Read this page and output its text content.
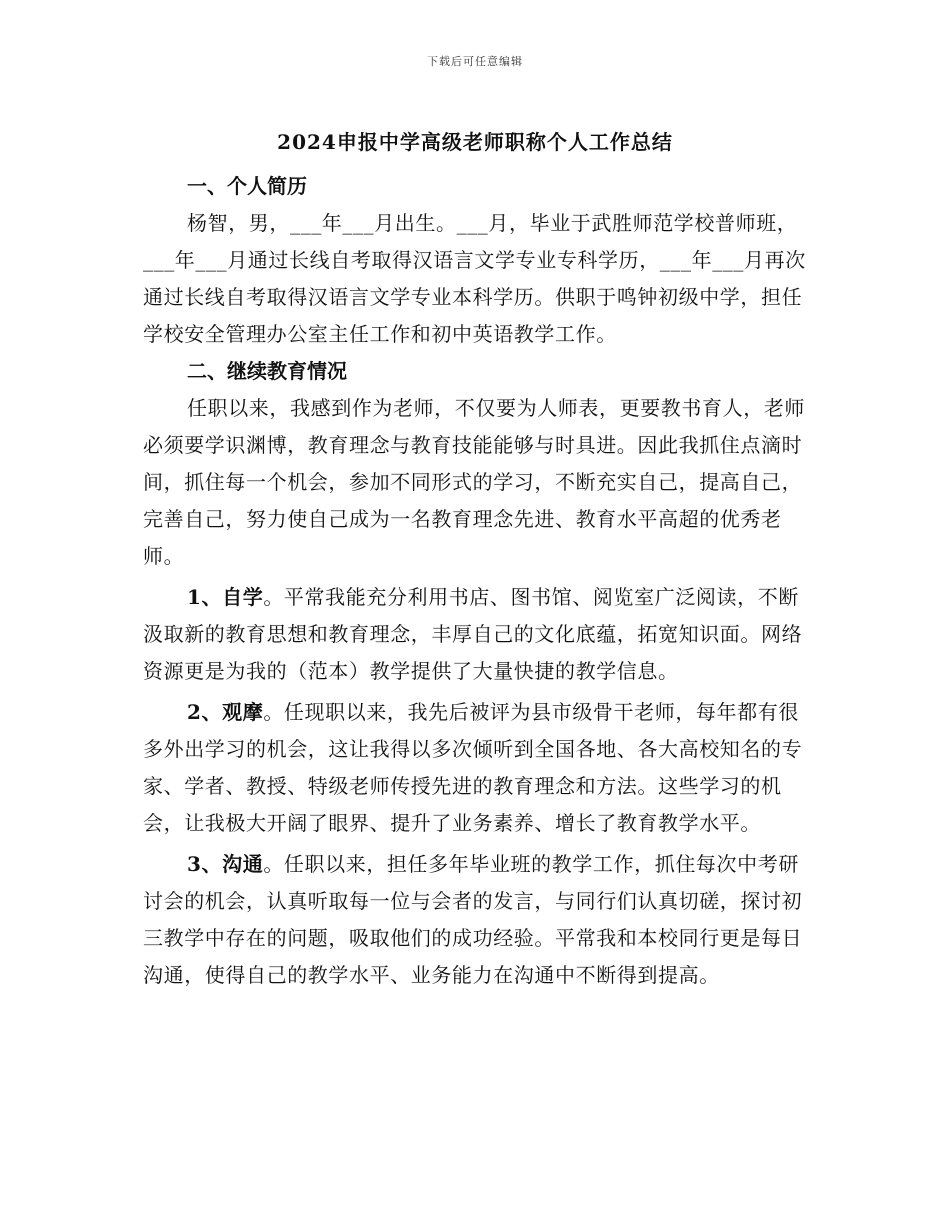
下载后可任意编辑
2024申报中学高级老师职称个人工作总结

一、个人简历

杨智，男，___年___月出生。___月，毕业于武胜师范学校普师班，___年___月通过长线自考取得汉语言文学专业专科学历，___年___月再次通过长线自考取得汉语言文学专业本科学历。供职于鸣钟初级中学，担任学校安全管理办公室主任工作和初中英语教学工作。

二、继续教育情况

任职以来，我感到作为老师，不仅要为人师表，更要教书育人，老师必须要学识渊博，教育理念与教育技能能够与时具进。因此我抓住点滴时间，抓住每一个机会，参加不同形式的学习，不断充实自己，提高自己，完善自己，努力使自己成为一名教育理念先进、教育水平高超的优秀老师。

1、自学。平常我能充分利用书店、图书馆、阅览室广泛阅读，不断汲取新的教育思想和教育理念，丰厚自己的文化底蕴，拓宽知识面。网络资源更是为我的（范本）教学提供了大量快捷的教学信息。

2、观摩。任现职以来，我先后被评为县市级骨干老师，每年都有很多外出学习的机会，这让我得以多次倾听到全国各地、各大高校知名的专家、学者、教授、特级老师传授先进的教育理念和方法。这些学习的机会，让我极大开阔了眼界、提升了业务素养、增长了教育教学水平。

3、沟通。任职以来，担任多年毕业班的教学工作，抓住每次中考研讨会的机会，认真听取每一位与会者的发言，与同行们认真切磋，探讨初三教学中存在的问题，吸取他们的成功经验。平常我和本校同行更是每日沟通，使得自己的教学水平、业务能力在沟通中不断得到提高。
